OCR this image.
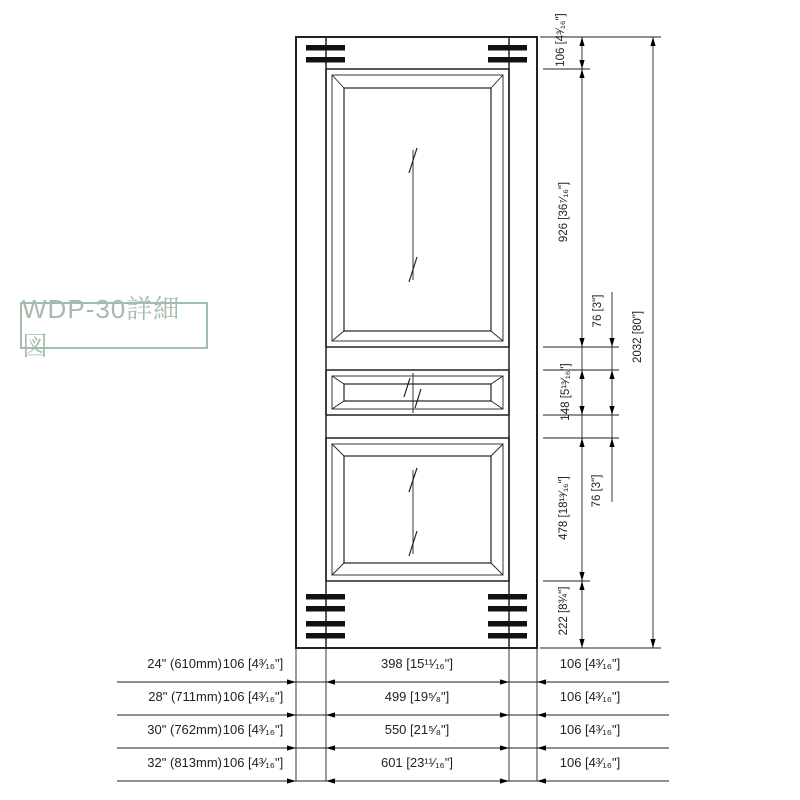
106 [4³⁄₁₆"]
926 [36⁷⁄₁₆"]
76 [3"]
148 [5¹³⁄₁₆"]
76 [3"]
478 [18¹³⁄₁₆"]
222 [8¾"]
2032 [80"]
24" (610mm) 106 [4³⁄₁₆"]	398 [15¹¹⁄₁₆"]	106 [4³⁄₁₆"]
28" (711mm) 106 [4³⁄₁₆"]	499 [19⁵⁄₈"]	106 [4³⁄₁₆"]
30" (762mm) 106 [4³⁄₁₆"]	550 [21⁵⁄₈"]	106 [4³⁄₁₆"]
32" (813mm) 106 [4³⁄₁₆"]	601 [23¹¹⁄₁₆"]	106 [4³⁄₁₆"]
WDP-30詳細図
